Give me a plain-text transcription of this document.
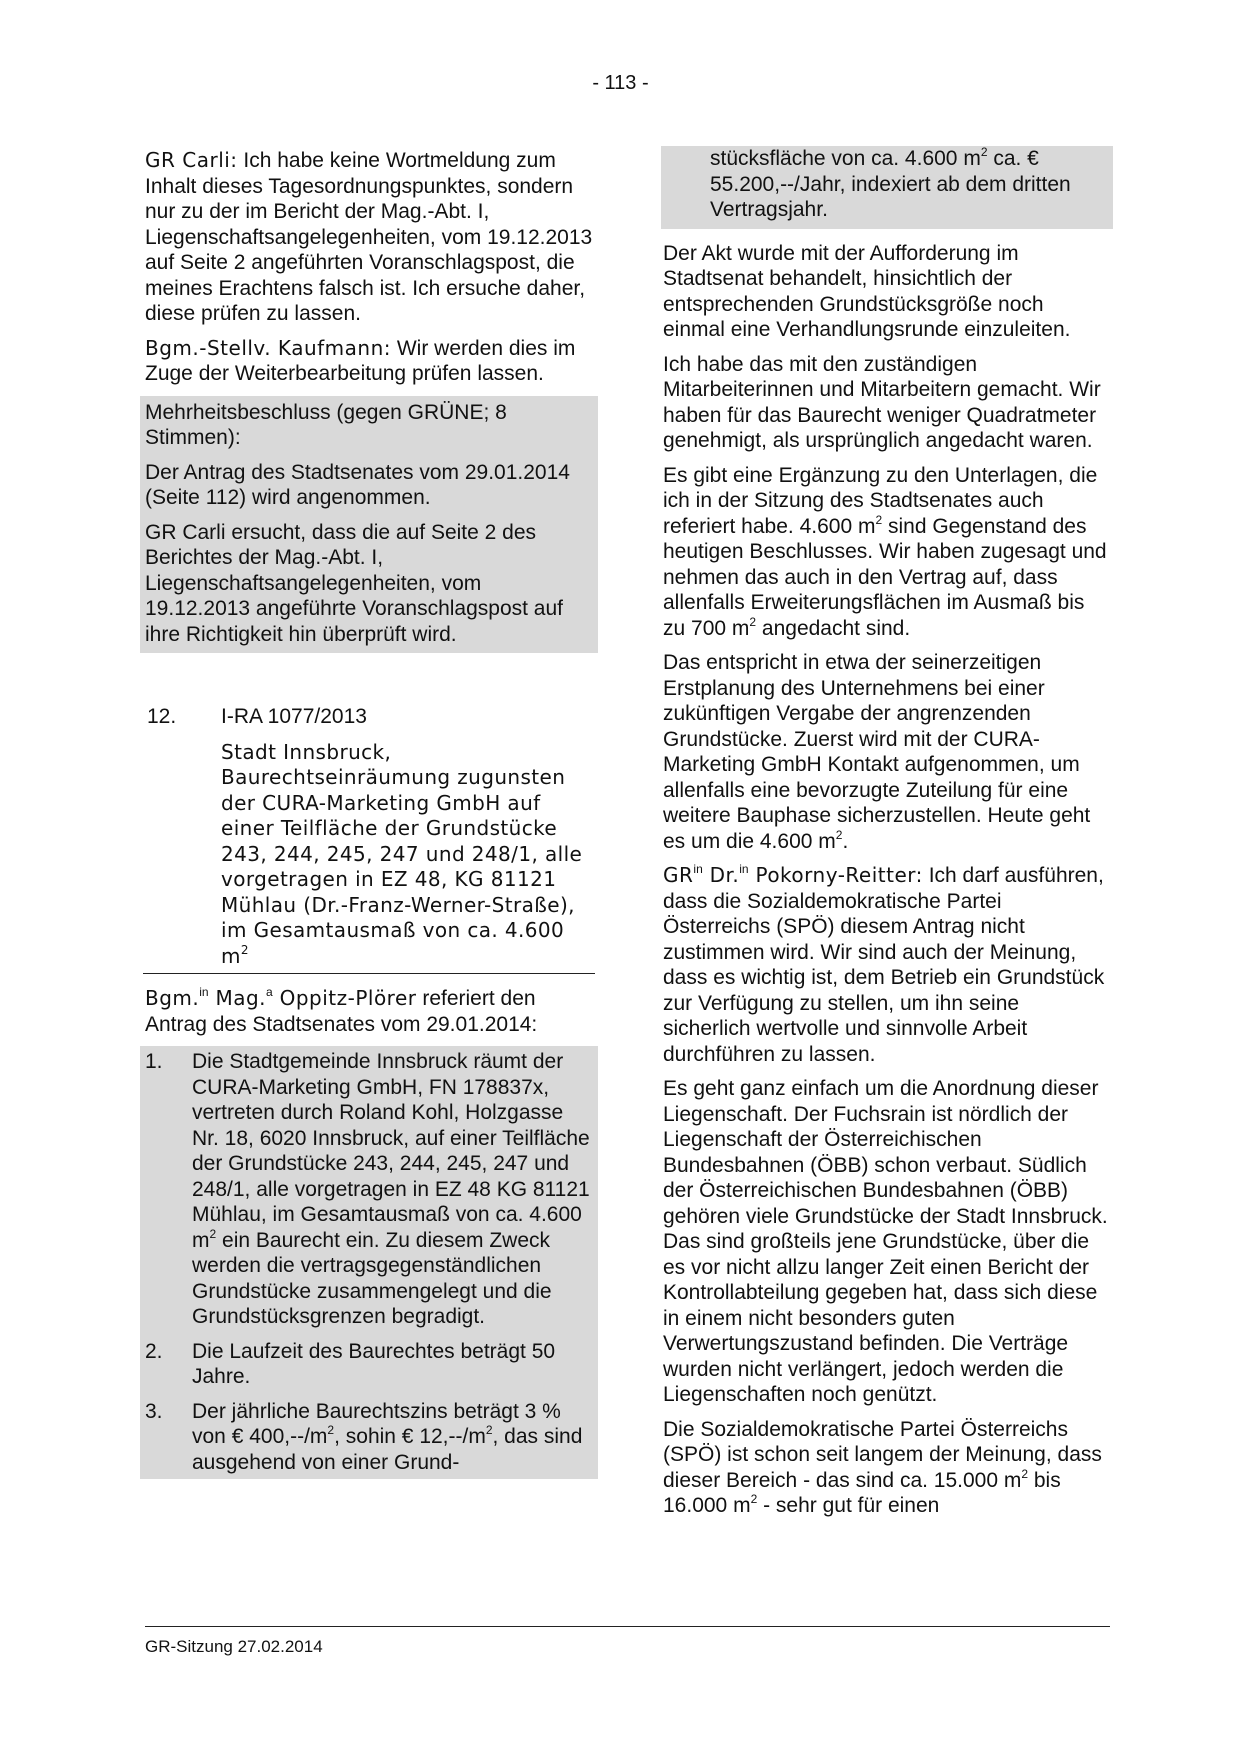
- 113 -

GR Carli: Ich habe keine Wortmeldung zum Inhalt dieses Tagesordnungspunktes, sondern nur zu der im Bericht der Mag.-Abt. I, Liegenschaftsangelegenheiten, vom 19.12.2013 auf Seite 2 angeführten Voranschlagspost, die meines Erachtens falsch ist. Ich ersuche daher, diese prüfen zu lassen.

Bgm.-Stellv. Kaufmann: Wir werden dies im Zuge der Weiterbearbeitung prüfen lassen.

Mehrheitsbeschluss (gegen GRÜNE; 8 Stimmen):

Der Antrag des Stadtsenates vom 29.01.2014 (Seite 112) wird angenommen.

GR Carli ersucht, dass die auf Seite 2 des Berichtes der Mag.-Abt. I, Liegenschaftsangelegenheiten, vom 19.12.2013 angeführte Voranschlagspost auf ihre Richtigkeit hin überprüft wird.

12. I-RA 1077/2013
Stadt Innsbruck, Baurechtseinräumung zugunsten der CURA-Marketing GmbH auf einer Teilfläche der Grundstücke 243, 244, 245, 247 und 248/1, alle vorgetragen in EZ 48, KG 81121 Mühlau (Dr.-Franz-Werner-Straße), im Gesamtausmaß von ca. 4.600 $m^2$

Bgm.$^{in}$ Mag.$^a$ Oppitz-Plörer referiert den Antrag des Stadtsenates vom 29.01.2014:

1. Die Stadtgemeinde Innsbruck räumt der CURA-Marketing GmbH, FN 178837x, vertreten durch Roland Kohl, Holzgasse Nr. 18, 6020 Innsbruck, auf einer Teilfläche der Grundstücke 243, 244, 245, 247 und 248/1, alle vorgetragen in EZ 48 KG 81121 Mühlau, im Gesamtausmaß von ca. 4.600 $m^2$ ein Baurecht ein. Zu diesem Zweck werden die vertragsgegenständlichen Grundstücke zusammengelegt und die Grundstücksgrenzen begradigt.
2. Die Laufzeit des Baurechtes beträgt 50 Jahre.
3. Der jährliche Baurechtszins beträgt 3 % von € $400,--/m^2$, sohin € $12,--/m^2$, das sind ausgehend von einer Grund-
stücksfläche von ca. 4.600 $m^2$ ca. € 55.200,--/Jahr, indexiert ab dem dritten Vertragsjahr.

Der Akt wurde mit der Aufforderung im Stadtsenat behandelt, hinsichtlich der entsprechenden Grundstücksgröße noch einmal eine Verhandlungsrunde einzuleiten.

Ich habe das mit den zuständigen Mitarbeiterinnen und Mitarbeitern gemacht. Wir haben für das Baurecht weniger Quadratmeter genehmigt, als ursprünglich angedacht waren.

Es gibt eine Ergänzung zu den Unterlagen, die ich in der Sitzung des Stadtsenates auch referiert habe. 4.600 $m^2$ sind Gegenstand des heutigen Beschlusses. Wir haben zugesagt und nehmen das auch in den Vertrag auf, dass allenfalls Erweiterungsflächen im Ausmaß bis zu 700 $m^2$ angedacht sind.

Das entspricht in etwa der seinerzeitigen Erstplanung des Unternehmens bei einer zukünftigen Vergabe der angrenzenden Grundstücke. Zuerst wird mit der CURA-Marketing GmbH Kontakt aufgenommen, um allenfalls eine bevorzugte Zuteilung für eine weitere Bauphase sicherzustellen. Heute geht es um die 4.600 $m^2$.

$GR^{in}$ Dr.$^{in}$ Pokorny-Reitter: Ich darf ausführen, dass die Sozialdemokratische Partei Österreichs (SPÖ) diesem Antrag nicht zustimmen wird. Wir sind auch der Meinung, dass es wichtig ist, dem Betrieb ein Grundstück zur Verfügung zu stellen, um ihn seine sicherlich wertvolle und sinnvolle Arbeit durchführen zu lassen.

Es geht ganz einfach um die Anordnung dieser Liegenschaft. Der Fuchsrain ist nördlich der Liegenschaft der Österreichischen Bundesbahnen (ÖBB) schon verbaut. Südlich der Österreichischen Bundesbahnen (ÖBB) gehören viele Grundstücke der Stadt Innsbruck. Das sind großteils jene Grundstücke, über die es vor nicht allzu langer Zeit einen Bericht der Kontrollabteilung gegeben hat, dass sich diese in einem nicht besonders guten Verwertungszustand befinden. Die Verträge wurden nicht verlängert, jedoch werden die Liegenschaften noch genützt.

Die Sozialdemokratische Partei Österreichs (SPÖ) ist schon seit langem der Meinung, dass dieser Bereich - das sind ca. 15.000 $m^2$ bis 16.000 $m^2$ - sehr gut für einen

GR-Sitzung 27.02.2014
